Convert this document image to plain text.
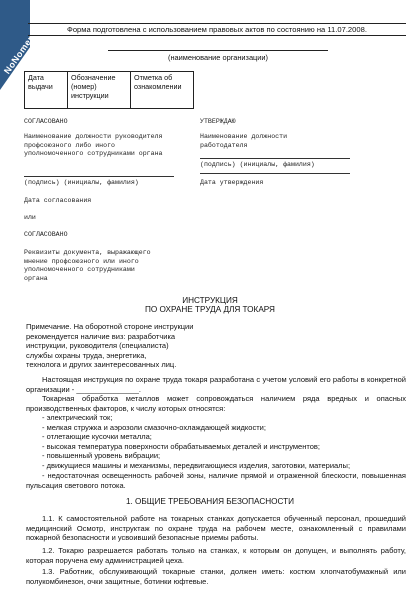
NoNomer.ru	Форма подготовлена с использованием правовых актов по состоянию на 11.07.2008.
(наименование организации)
Дата выдачи	Обозначение (номер) инструкции	Отметка об ознакомлении
СОГЛАСОВАНО
Наименование должности руководителя профсоюзного либо иного уполномоченного сотрудниками органа
(подпись) (инициалы, фамилия)
Дата согласования
или
СОГЛАСОВАНО
Реквизиты документа, выражающего мнение профсоюзного или иного уполномоченного сотрудниками органа
УТВЕРЖДАЮ
Наименование должности работодателя
(подпись) (инициалы, фамилия)
Дата утверждения
ИНСТРУКЦИЯ
ПО ОХРАНЕ ТРУДА ДЛЯ ТОКАРЯ
Примечание. На оборотной стороне инструкции
рекомендуется наличие виз: разработчика
инструкции, руководителя (специалиста)
службы охраны труда, энергетика,
технолога и других заинтересованных лиц.
Настоящая инструкция по охране труда токаря разработана с учетом условий его работы в конкретной организации - _______________.
Токарная обработка металлов может сопровождаться наличием ряда вредных и опасных производственных факторов, к числу которых относятся:
- электрический ток;
- мелкая стружка и аэрозоли смазочно-охлаждающей жидкости;
- отлетающие кусочки металла;
- высокая температура поверхности обрабатываемых деталей и инструментов;
- повышенный уровень вибрации;
- движущиеся машины и механизмы, передвигающиеся изделия, заготовки, материалы;
- недостаточная освещенность рабочей зоны, наличие прямой и отраженной блескости, повышенная пульсация светового потока.
1. ОБЩИЕ ТРЕБОВАНИЯ БЕЗОПАСНОСТИ
1.1. К самостоятельной работе на токарных станках допускается обученный персонал, прошедший медицинский Осмотр, инструктаж по охране труда на рабочем месте, ознакомленный с правилами пожарной безопасности и усвоивший безопасные приемы работы.
1.2. Токарю разрешается работать только на станках, к которым он допущен, и выполнять работу, которая поручена ему администрацией цеха.
1.3. Работник, обслуживающий токарные станки, должен иметь: костюм хлопчатобумажный или полукомбинезон, очки защитные, ботинки юфтевые.
